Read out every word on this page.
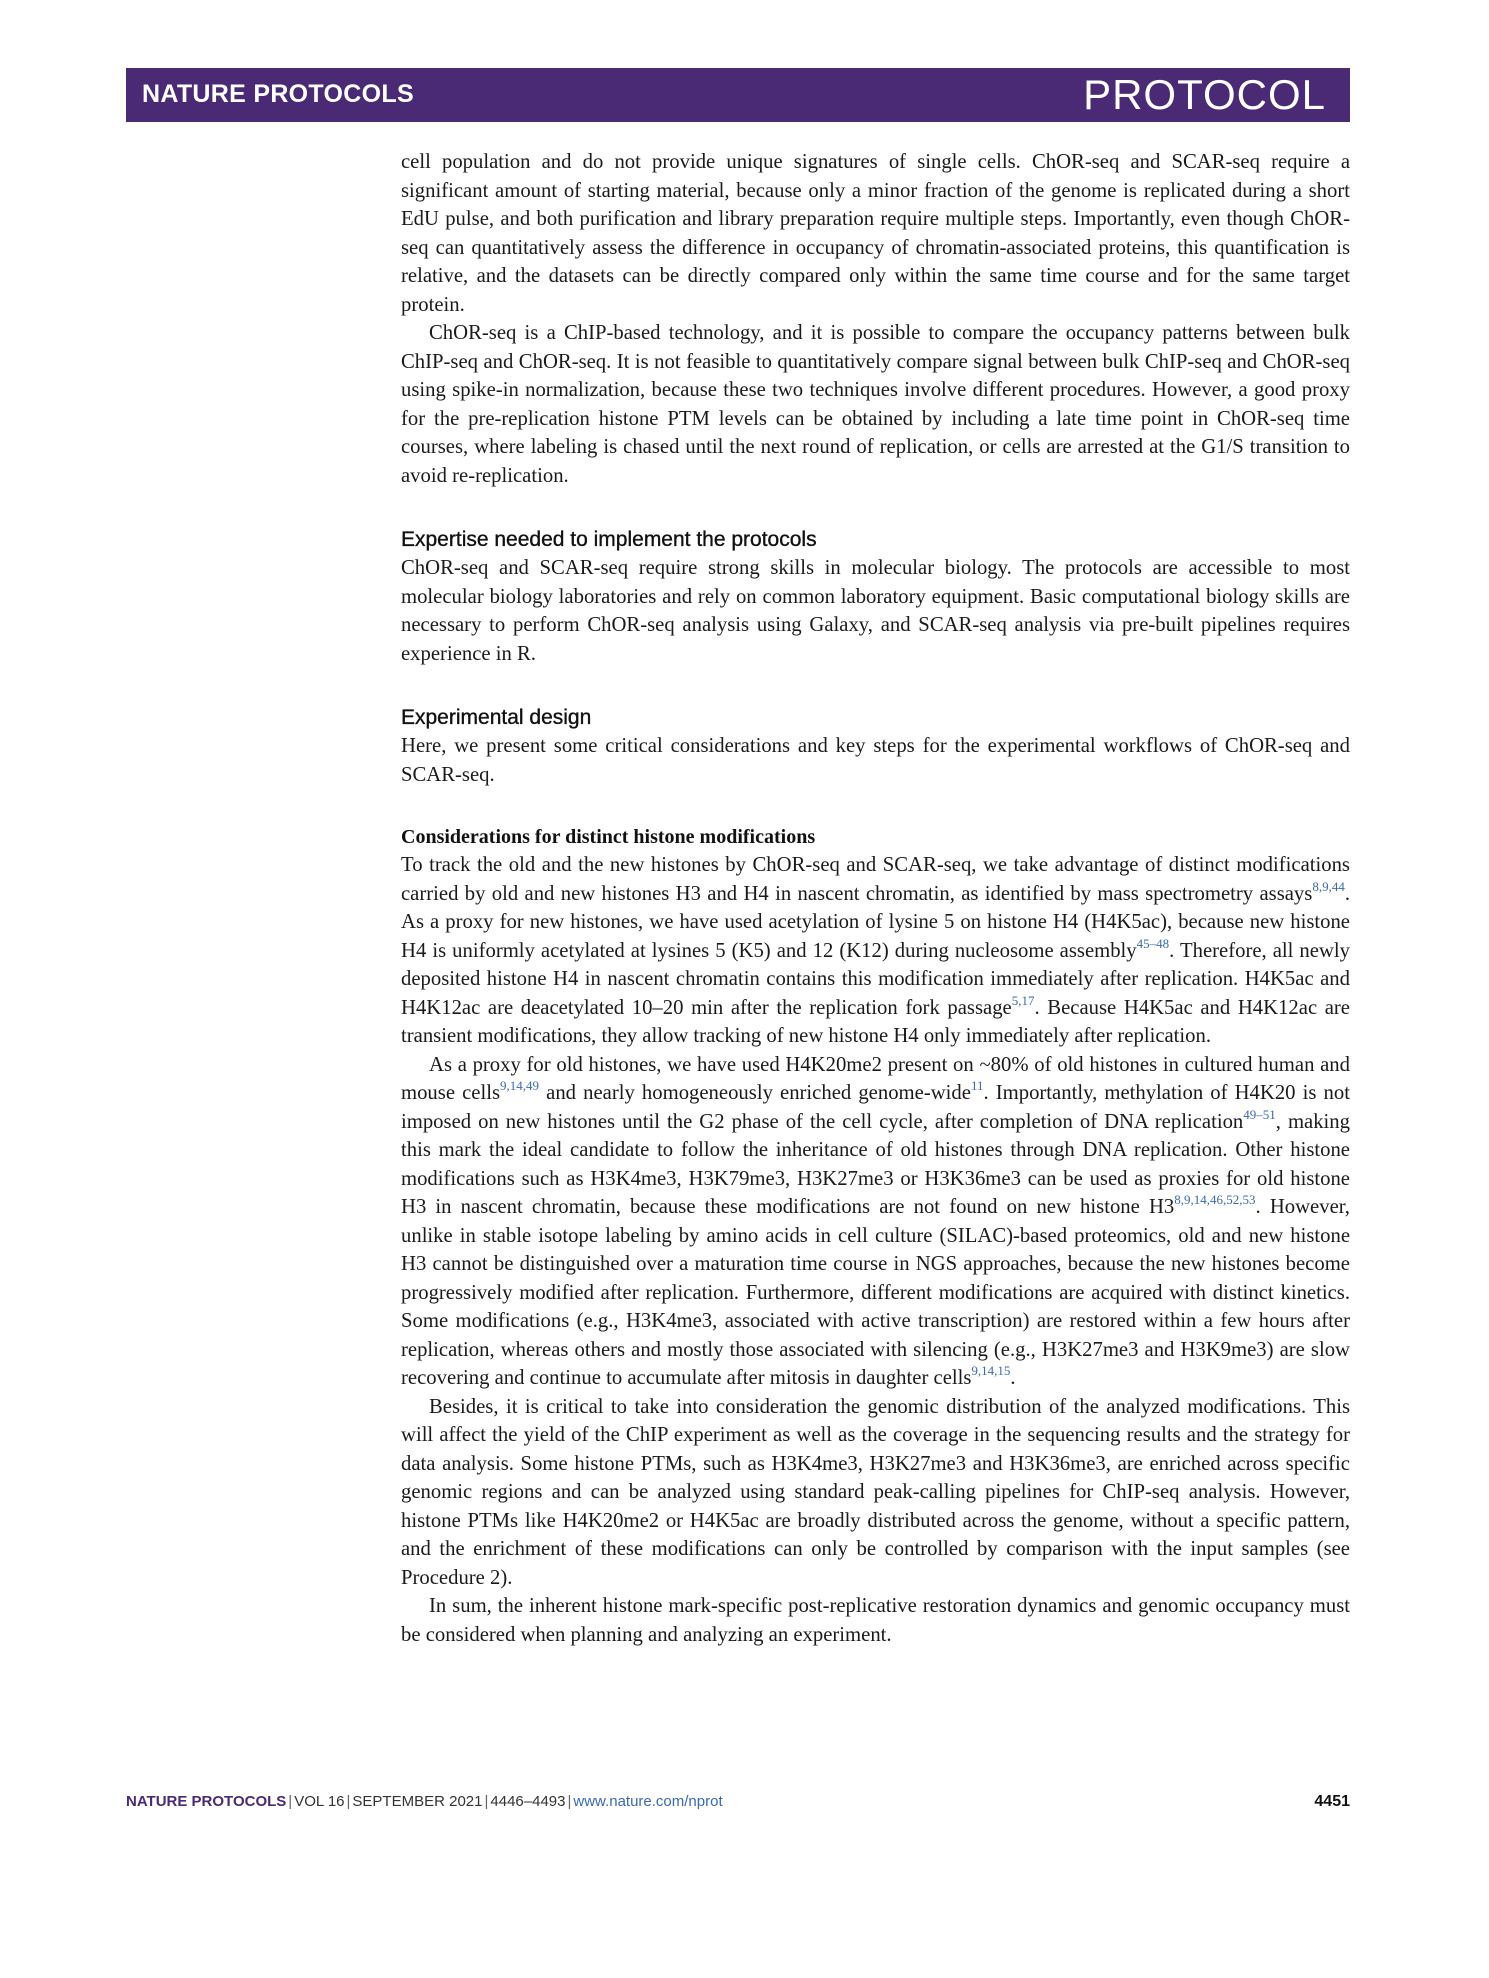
NATURE PROTOCOLS	PROTOCOL

cell population and do not provide unique signatures of single cells. ChOR-seq and SCAR-seq require a significant amount of starting material, because only a minor fraction of the genome is replicated during a short EdU pulse, and both purification and library preparation require multiple steps. Importantly, even though ChOR-seq can quantitatively assess the difference in occupancy of chromatin-associated proteins, this quantification is relative, and the datasets can be directly compared only within the same time course and for the same target protein.

ChOR-seq is a ChIP-based technology, and it is possible to compare the occupancy patterns between bulk ChIP-seq and ChOR-seq. It is not feasible to quantitatively compare signal between bulk ChIP-seq and ChOR-seq using spike-in normalization, because these two techniques involve different procedures. However, a good proxy for the pre-replication histone PTM levels can be obtained by including a late time point in ChOR-seq time courses, where labeling is chased until the next round of replication, or cells are arrested at the G1/S transition to avoid re-replication.

Expertise needed to implement the protocols

ChOR-seq and SCAR-seq require strong skills in molecular biology. The protocols are accessible to most molecular biology laboratories and rely on common laboratory equipment. Basic computational biology skills are necessary to perform ChOR-seq analysis using Galaxy, and SCAR-seq analysis via pre-built pipelines requires experience in R.

Experimental design

Here, we present some critical considerations and key steps for the experimental workflows of ChOR-seq and SCAR-seq.

Considerations for distinct histone modifications

To track the old and the new histones by ChOR-seq and SCAR-seq, we take advantage of distinct modifications carried by old and new histones H3 and H4 in nascent chromatin, as identified by mass spectrometry assays$^{8,9,44}$. As a proxy for new histones, we have used acetylation of lysine 5 on histone H4 (H4K5ac), because new histone H4 is uniformly acetylated at lysines 5 (K5) and 12 (K12) during nucleosome assembly$^{45-48}$. Therefore, all newly deposited histone H4 in nascent chromatin contains this modification immediately after replication. H4K5ac and H4K12ac are deacetylated 10–20 min after the replication fork passage$^{5,17}$. Because H4K5ac and H4K12ac are transient modifications, they allow tracking of new histone H4 only immediately after replication.

As a proxy for old histones, we have used H4K20me2 present on ~80% of old histones in cultured human and mouse cells$^{9,14,49}$ and nearly homogeneously enriched genome-wide$^{11}$. Importantly, methylation of H4K20 is not imposed on new histones until the G2 phase of the cell cycle, after completion of DNA replication$^{49-51}$, making this mark the ideal candidate to follow the inheritance of old histones through DNA replication. Other histone modifications such as H3K4me3, H3K79me3, H3K27me3 or H3K36me3 can be used as proxies for old histone H3 in nascent chromatin, because these modifications are not found on new histone H3$^{8,9,14,46,52,53}$. However, unlike in stable isotope labeling by amino acids in cell culture (SILAC)-based proteomics, old and new histone H3 cannot be distinguished over a maturation time course in NGS approaches, because the new histones become progressively modified after replication. Furthermore, different modifications are acquired with distinct kinetics. Some modifications (e.g., H3K4me3, associated with active transcription) are restored within a few hours after replication, whereas others and mostly those associated with silencing (e.g., H3K27me3 and H3K9me3) are slow recovering and continue to accumulate after mitosis in daughter cells$^{9,14,15}$.

Besides, it is critical to take into consideration the genomic distribution of the analyzed modifications. This will affect the yield of the ChIP experiment as well as the coverage in the sequencing results and the strategy for data analysis. Some histone PTMs, such as H3K4me3, H3K27me3 and H3K36me3, are enriched across specific genomic regions and can be analyzed using standard peak-calling pipelines for ChIP-seq analysis. However, histone PTMs like H4K20me2 or H4K5ac are broadly distributed across the genome, without a specific pattern, and the enrichment of these modifications can only be controlled by comparison with the input samples (see Procedure 2).

In sum, the inherent histone mark-specific post-replicative restoration dynamics and genomic occupancy must be considered when planning and analyzing an experiment.

NATURE PROTOCOLS | VOL 16 | SEPTEMBER 2021 | 4446–4493 | www.nature.com/nprot	4451
